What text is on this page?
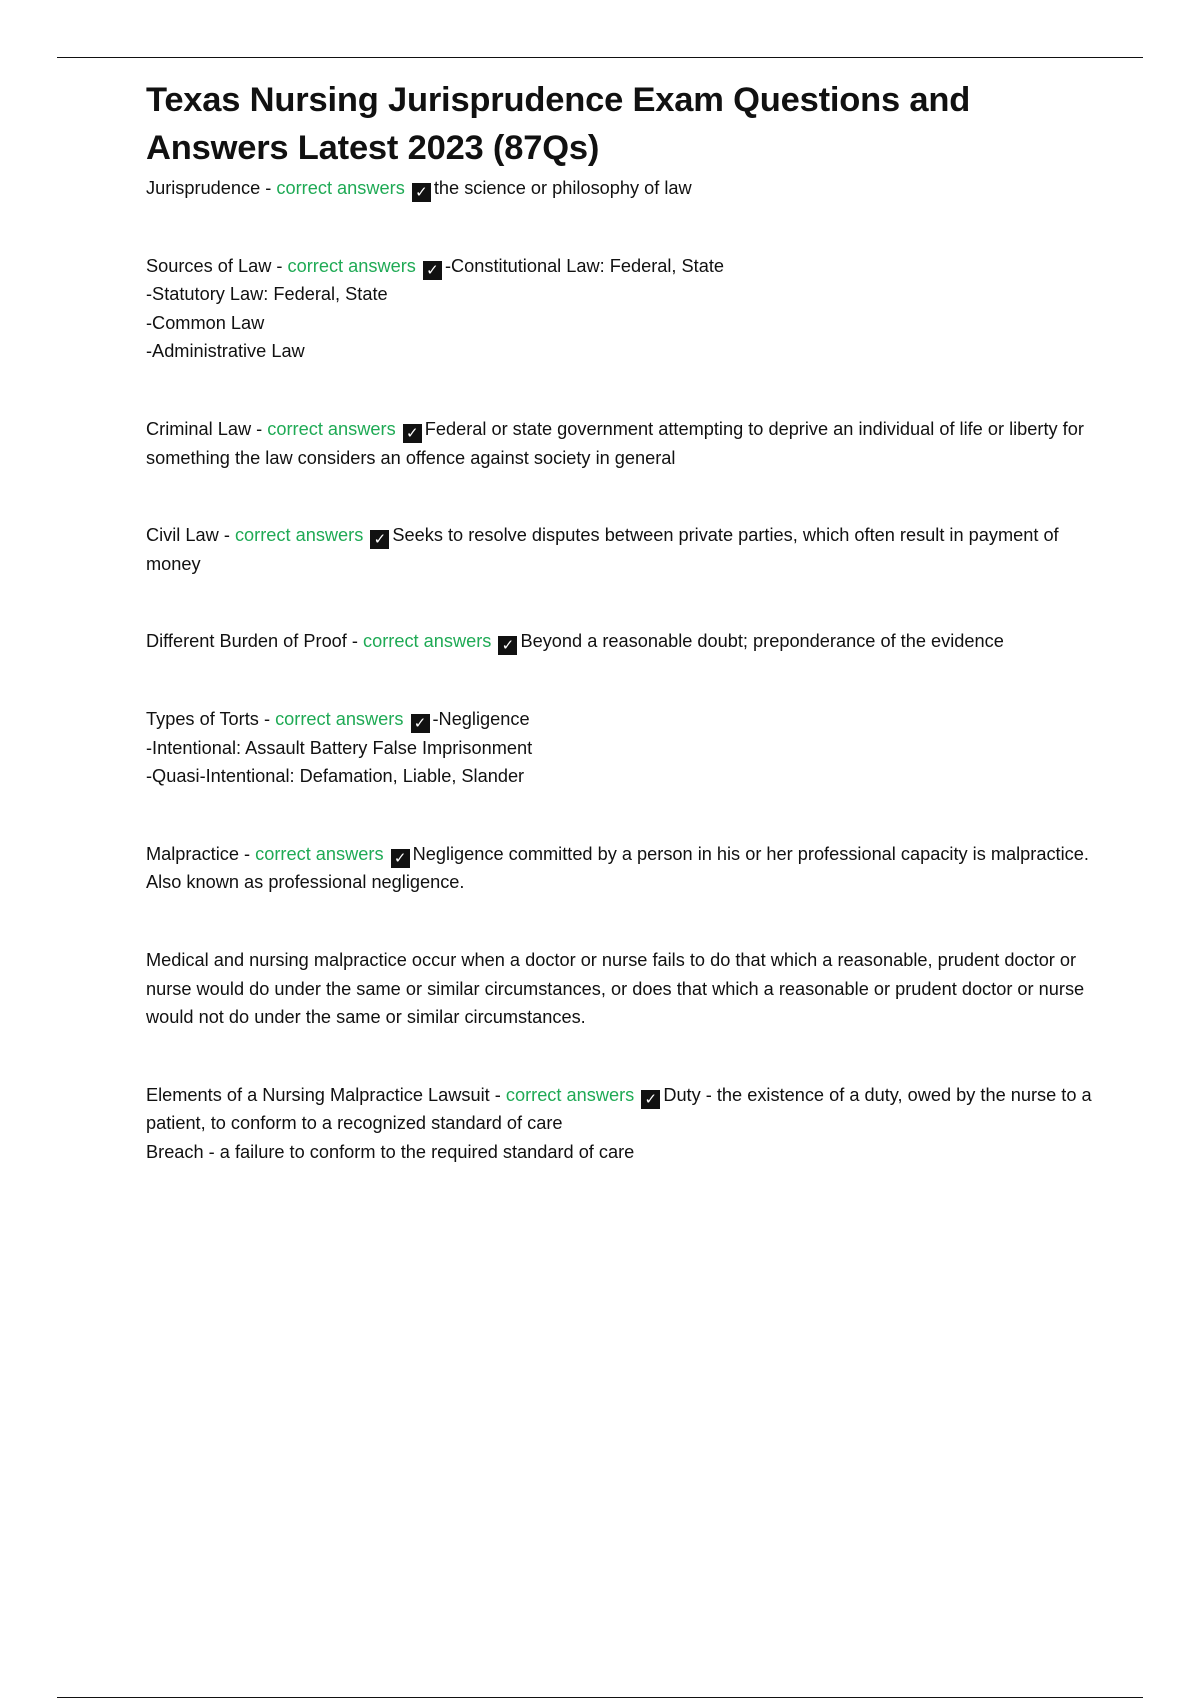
Texas Nursing Jurisprudence Exam Questions and Answers Latest 2023 (87Qs)

Jurisprudence - correct answers ✓ the science or philosophy of law

Sources of Law - correct answers ✓ -Constitutional Law: Federal, State

-Statutory Law: Federal, State

-Common Law

-Administrative Law

Criminal Law - correct answers ✓ Federal or state government attempting to deprive an individual of life or liberty for something the law considers an offence against society in general

Civil Law - correct answers ✓ Seeks to resolve disputes between private parties, which often result in payment of money

Different Burden of Proof - correct answers ✓ Beyond a reasonable doubt; preponderance of the evidence

Types of Torts - correct answers ✓ -Negligence

-Intentional: Assault Battery False Imprisonment

-Quasi-Intentional: Defamation, Liable, Slander

Malpractice - correct answers ✓ Negligence committed by a person in his or her professional capacity is malpractice. Also known as professional negligence.

Medical and nursing malpractice occur when a doctor or nurse fails to do that which a reasonable, prudent doctor or nurse would do under the same or similar circumstances, or does that which a reasonable or prudent doctor or nurse would not do under the same or similar circumstances.

Elements of a Nursing Malpractice Lawsuit - correct answers ✓ Duty - the existence of a duty, owed by the nurse to a patient, to conform to a recognized standard of care

Breach - a failure to conform to the required standard of care
